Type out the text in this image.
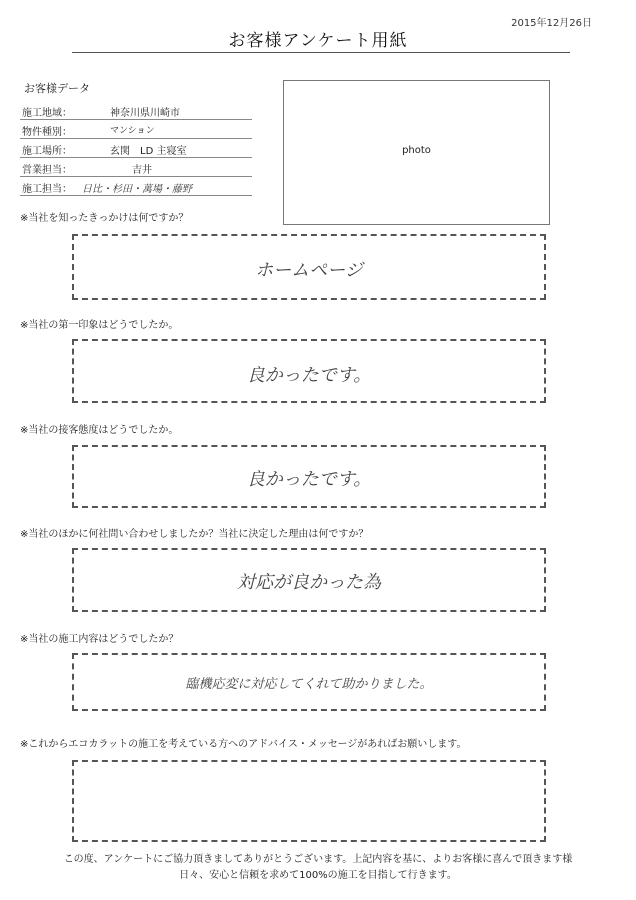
2015年12月26日
お客様アンケート用紙
お客様データ
施工地域：	神奈川県川崎市
物件種別：	マンション
施工場所：	玄関　LD 主寝室
営業担当：	吉井
施工担当： 日比・杉田・萬場・藤野
photo
※当社を知ったきっかけは何ですか？
ホームページ
※当社の第一印象はどうでしたか。
良かったです。
※当社の接客態度はどうでしたか。
良かったです。
※当社のほかに何社問い合わせしましたか？当社に決定した理由は何ですか？
対応が良かった為
※当社の施工内容はどうでしたか？
臨機応変に対応してくれて助かりました。
※これからエコカラットの施工を考えている方へのアドバイス・メッセージがあればお願いします。
この度、アンケートにご協力頂きましてありがとうございます。上記内容を基に、よりお客様に喜んで頂きます様
日々、安心と信頼を求めて100%の施工を目指して行きます。
